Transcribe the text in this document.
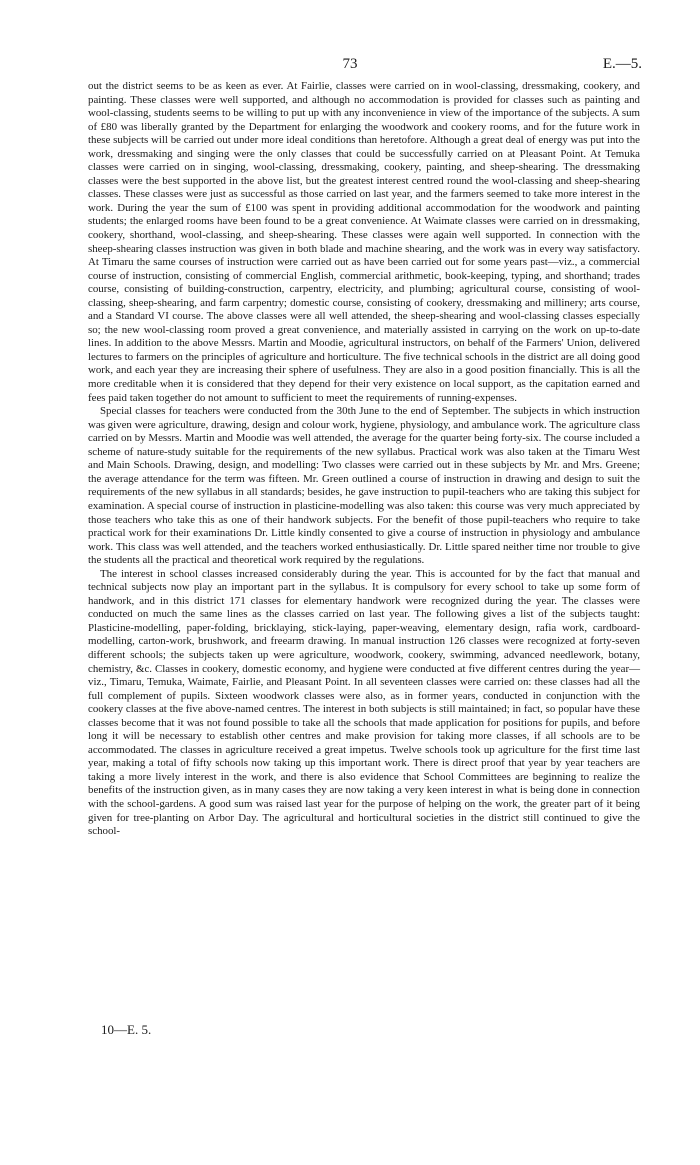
73	E.—5.

out the district seems to be as keen as ever. At Fairlie, classes were carried on in wool-classing, dressmaking, cookery, and painting. These classes were well supported, and although no accommodation is provided for classes such as painting and wool-classing, students seems to be willing to put up with any inconvenience in view of the importance of the subjects. A sum of £80 was liberally granted by the Department for enlarging the woodwork and cookery rooms, and for the future work in these subjects will be carried out under more ideal conditions than heretofore. Although a great deal of energy was put into the work, dressmaking and singing were the only classes that could be successfully carried on at Pleasant Point. At Temuka classes were carried on in singing, wool-classing, dressmaking, cookery, painting, and sheep-shearing. The dressmaking classes were the best supported in the above list, but the greatest interest centred round the wool-classing and sheep-shearing classes. These classes were just as successful as those carried on last year, and the farmers seemed to take more interest in the work. During the year the sum of £100 was spent in providing additional accommodation for the woodwork and painting students; the enlarged rooms have been found to be a great convenience. At Waimate classes were carried on in dressmaking, cookery, shorthand, wool-classing, and sheep-shearing. These classes were again well supported. In connection with the sheep-shearing classes instruction was given in both blade and machine shearing, and the work was in every way satisfactory. At Timaru the same courses of instruction were carried out as have been carried out for some years past—viz., a commercial course of instruction, consisting of commercial English, commercial arithmetic, book-keeping, typing, and shorthand; trades course, consisting of building-construction, carpentry, electricity, and plumbing; agricultural course, consisting of wool-classing, sheep-shearing, and farm carpentry; domestic course, consisting of cookery, dressmaking and millinery; arts course, and a Standard VI course. The above classes were all well attended, the sheep-shearing and wool-classing classes especially so; the new wool-classing room proved a great convenience, and materially assisted in carrying on the work on up-to-date lines. In addition to the above Messrs. Martin and Moodie, agricultural instructors, on behalf of the Farmers' Union, delivered lectures to farmers on the principles of agriculture and horticulture. The five technical schools in the district are all doing good work, and each year they are increasing their sphere of usefulness. They are also in a good position financially. This is all the more creditable when it is considered that they depend for their very existence on local support, as the capitation earned and fees paid taken together do not amount to sufficient to meet the requirements of running-expenses.

Special classes for teachers were conducted from the 30th June to the end of September. The subjects in which instruction was given were agriculture, drawing, design and colour work, hygiene, physiology, and ambulance work. The agriculture class carried on by Messrs. Martin and Moodie was well attended, the average for the quarter being forty-six. The course included a scheme of nature-study suitable for the requirements of the new syllabus. Practical work was also taken at the Timaru West and Main Schools. Drawing, design, and modelling: Two classes were carried out in these subjects by Mr. and Mrs. Greene; the average attendance for the term was fifteen. Mr. Green outlined a course of instruction in drawing and design to suit the requirements of the new syllabus in all standards; besides, he gave instruction to pupil-teachers who are taking this subject for examination. A special course of instruction in plasticine-modelling was also taken: this course was very much appreciated by those teachers who take this as one of their handwork subjects. For the benefit of those pupil-teachers who require to take practical work for their examinations Dr. Little kindly consented to give a course of instruction in physiology and ambulance work. This class was well attended, and the teachers worked enthusiastically. Dr. Little spared neither time nor trouble to give the students all the practical and theoretical work required by the regulations.

The interest in school classes increased considerably during the year. This is accounted for by the fact that manual and technical subjects now play an important part in the syllabus. It is compulsory for every school to take up some form of handwork, and in this district 171 classes for elementary handwork were recognized during the year. The classes were conducted on much the same lines as the classes carried on last year. The following gives a list of the subjects taught: Plasticine-modelling, paper-folding, bricklaying, stick-laying, paper-weaving, elementary design, rafia work, cardboard-modelling, carton-work, brushwork, and freearm drawing. In manual instruction 126 classes were recognized at forty-seven different schools; the subjects taken up were agriculture, woodwork, cookery, swimming, advanced needlework, botany, chemistry, &c. Classes in cookery, domestic economy, and hygiene were conducted at five different centres during the year—viz., Timaru, Temuka, Waimate, Fairlie, and Pleasant Point. In all seventeen classes were carried on: these classes had all the full complement of pupils. Sixteen woodwork classes were also, as in former years, conducted in conjunction with the cookery classes at the five above-named centres. The interest in both subjects is still maintained; in fact, so popular have these classes become that it was not found possible to take all the schools that made application for positions for pupils, and before long it will be necessary to establish other centres and make provision for taking more classes, if all schools are to be accommodated. The classes in agriculture received a great impetus. Twelve schools took up agriculture for the first time last year, making a total of fifty schools now taking up this important work. There is direct proof that year by year teachers are taking a more lively interest in the work, and there is also evidence that School Committees are beginning to realize the benefits of the instruction given, as in many cases they are now taking a very keen interest in what is being done in connection with the school-gardens. A good sum was raised last year for the purpose of helping on the work, the greater part of it being given for tree-planting on Arbor Day. The agricultural and horticultural societies in the district still continued to give the school-

10—E. 5.
